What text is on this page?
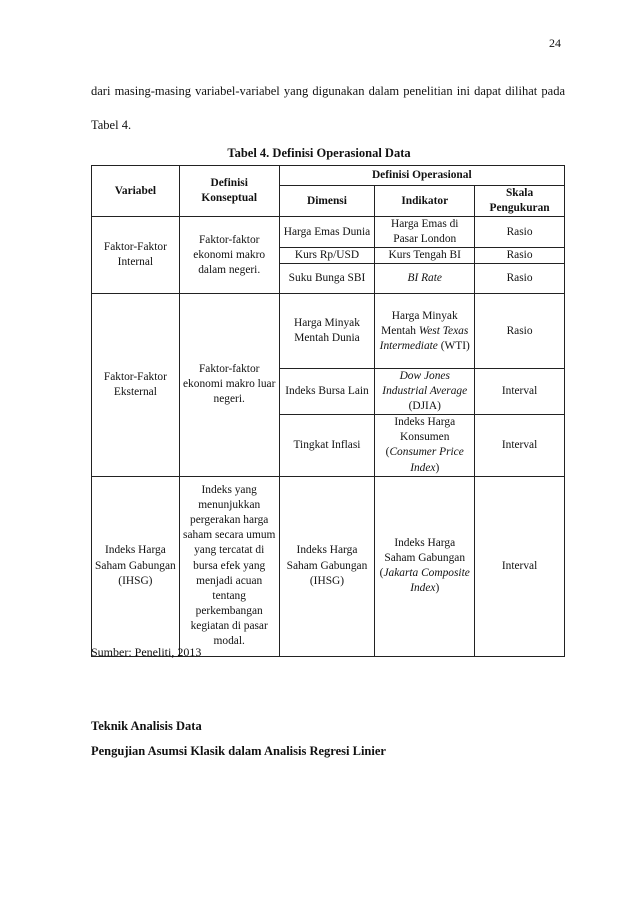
24
dari masing-masing variabel-variabel yang digunakan dalam penelitian ini dapat dilihat pada Tabel 4.
Tabel 4. Definisi Operasional Data
Variabel	Definisi Konseptual	Definisi Operasional		
		Dimensi	Indikator	Skala Pengukuran
Faktor-Faktor Internal	Faktor-faktor ekonomi makro dalam negeri.	Harga Emas Dunia	Harga Emas di Pasar London	Rasio
		Kurs Rp/USD	Kurs Tengah BI	Rasio
		Suku Bunga SBI	BI Rate	Rasio
Faktor-Faktor Eksternal	Faktor-faktor ekonomi makro luar negeri.	Harga Minyak Mentah Dunia	Harga Minyak Mentah West Texas Intermediate (WTI)	Rasio
		Indeks Bursa Lain	Dow Jones Industrial Average (DJIA)	Interval
		Tingkat Inflasi	Indeks Harga Konsumen (Consumer Price Index)	Interval
Indeks Harga Saham Gabungan (IHSG)	Indeks yang menunjukkan pergerakan harga saham secara umum yang tercatat di bursa efek yang menjadi acuan tentang perkembangan kegiatan di pasar modal.	Indeks Harga Saham Gabungan (IHSG)	Indeks Harga Saham Gabungan (Jakarta Composite Index)	Interval
Sumber: Peneliti, 2013
Teknik Analisis Data
Pengujian Asumsi Klasik dalam Analisis Regresi Linier
